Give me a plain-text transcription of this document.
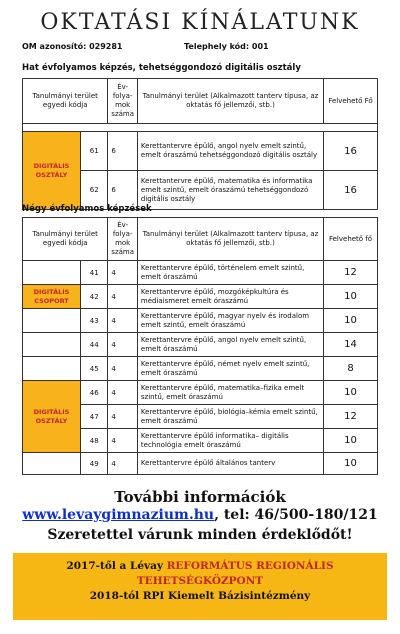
OKTATÁSI KÍNÁLATUNK
OM azonosító: 029281	Telephely kód: 001
Hat évfolyamos képzés, tehetséggondozó digitális osztály
Tanulmányi terület egyedi kódja		Év-folya-mok száma	Tanulmányi terület (Alkalmazott tanterv típusa, az oktatás fő jellemzői, stb.)	Felvehető Fő

DIGITÁLIS OSZTÁLY	61	6	Kerettantervre épülő, angol nyelv emelt szintű, emelt óraszámú tehetséggondozó digitális osztály	16
	62	6	Kerettantervre épülő, matematika és informatika emelt szintű, emelt óraszámú tehetséggondozó digitális osztály	16
Négy évfolyamos képzések
Tanulmányi terület egyedi kódja		Év-folya-mok száma	Tanulmányi terület (Alkalmazott tanterv típusa, az oktatás fő jellemzői, stb.)	Felvehető fő
	41	4	Kerettantervre épülő, történelem emelt szintű, emelt óraszámú	12
DIGITÁLIS CSOPORT	42	4	Kerettantervre épülő, mozgóképkultúra és médiaismeret emelt óraszámú	10
	43	4	Kerettantervre épülő, magyar nyelv és irodalom emelt szintű, emelt óraszámú	10
	44	4	Kerettantervre épülő, angol nyelv emelt szintű, emelt óraszámú	14
	45	4	Kerettantervre épülő, német nyelv emelt szintű, emelt óraszámú	8
DIGITÁLIS OSZTÁLY	46	4	Kerettantervre épülő, matematika–fizika emelt szintű, emelt óraszámú	10
	47	4	Kerettantervre épülő, biológia–kémia emelt szintű, emelt óraszámú	12
	48	4	Kerettantervre épülő informatika– digitális technológia emelt óraszámú	10
	49	4	Kerettantervre épülő általános tanterv	10
További információk
www.levaygimnazium.hu, tel: 46/500-180/121
Szeretettel várunk minden érdeklődőt!
2017-től a Lévay REFORMÁTUS REGIONÁLIS
TEHETSÉGKÖZPONT
2018-tól RPI Kiemelt Bázisintézmény
